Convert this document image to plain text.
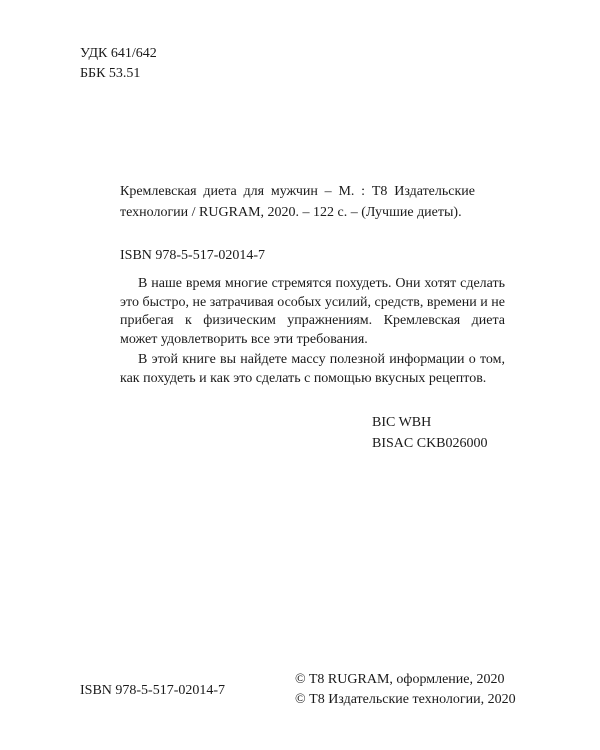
УДК 641/642
ББК 53.51
Кремлевская диета для мужчин – М. : Т8 Издательские технологии / RUGRAM, 2020. – 122 с. – (Лучшие диеты).
ISBN 978-5-517-02014-7

В наше время многие стремятся похудеть. Они хотят сделать это быстро, не затрачивая особых усилий, средств, времени и не прибегая к физическим упражнениям. Кремлевская диета может удовлетворить все эти требования.

В этой книге вы найдете массу полезной информации о том, как похудеть и как это сделать с помощью вкусных рецептов.

BIC WBH
BISAC CKB026000
ISBN 978-5-517-02014-7
© T8 RUGRAM, оформление, 2020
© Т8 Издательские технологии, 2020
